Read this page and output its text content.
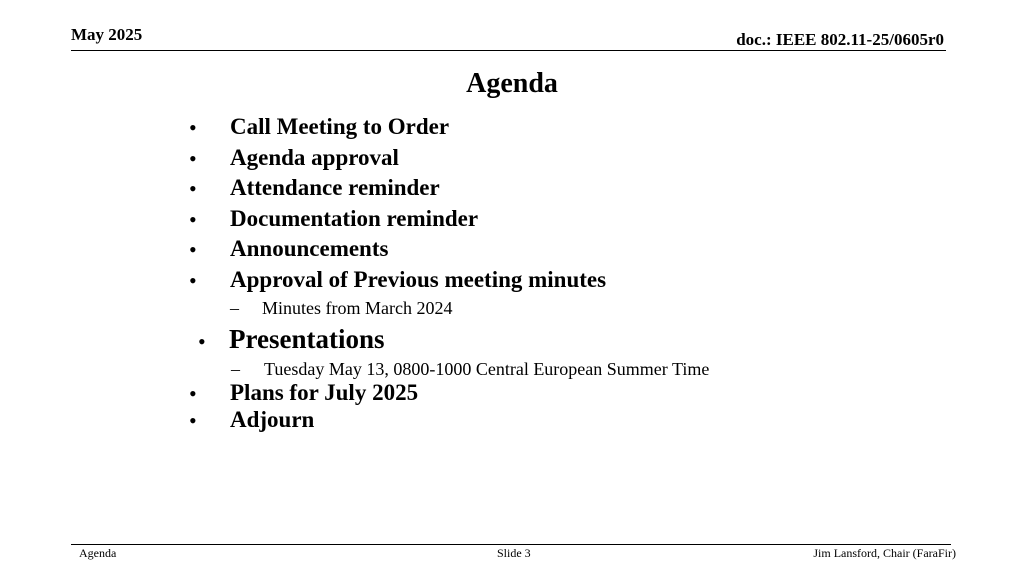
May 2025	doc.: IEEE 802.11-25/0605r0
Agenda
• Call Meeting to Order
• Agenda approval
• Attendance reminder
• Documentation reminder
• Announcements
• Approval of Previous meeting minutes
– Minutes from March 2024
• Presentations
– Tuesday May 13, 0800-1000 Central European Summer Time
• Plans for July 2025
• Adjourn
Agenda	Slide 3	Jim Lansford, Chair (FaraFir)
